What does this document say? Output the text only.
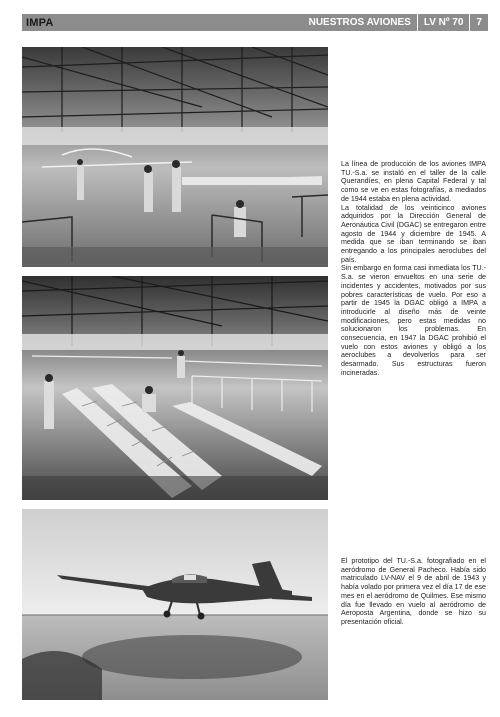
IMPA	NUESTROS AVIONES	LV Nº 70	7

La línea de producción de los aviones IMPA TU.-S.a. se instaló en el taller de la calle Querandíes, en plena Capital Federal y tal como se ve en estas fotografías, a mediados de 1944 estaba en plena actividad.

La totalidad de los veinticinco aviones adquiridos por la Dirección General de Aeronáutica Civil (DGAC) se entregaron entre agosto de 1944 y diciembre de 1945. A medida que se iban terminando se iban entregando a los principales aeroclubes del país.

Sin embargo en forma casi inmediata los TU.-S.a. se vieron envueltos en una serie de incidentes y accidentes, motivados por sus pobres características de vuelo. Por eso a partir de 1945 la DGAC obligó a IMPA a introducirle al diseño más de veinte modificaciones, pero estas medidas no solucionaron los problemas. En consecuencia, en 1947 la DGAC prohibió el vuelo con estos aviones y obligó a los aeroclubes a devolverlos para ser desarmado. Sus estructuras fueron incineradas.

El prototipo del TU.-S.a. fotografiado en el aeródromo de General Pacheco. Había sido matriculado LV-NAV el 9 de abril de 1943 y había volado por primera vez el día 17 de ese mes en el aeródromo de Quilmes. Ese mismo día fue llevado en vuelo al aeródromo de Aeroposta Argentina, donde se hizo su presentación oficial.
